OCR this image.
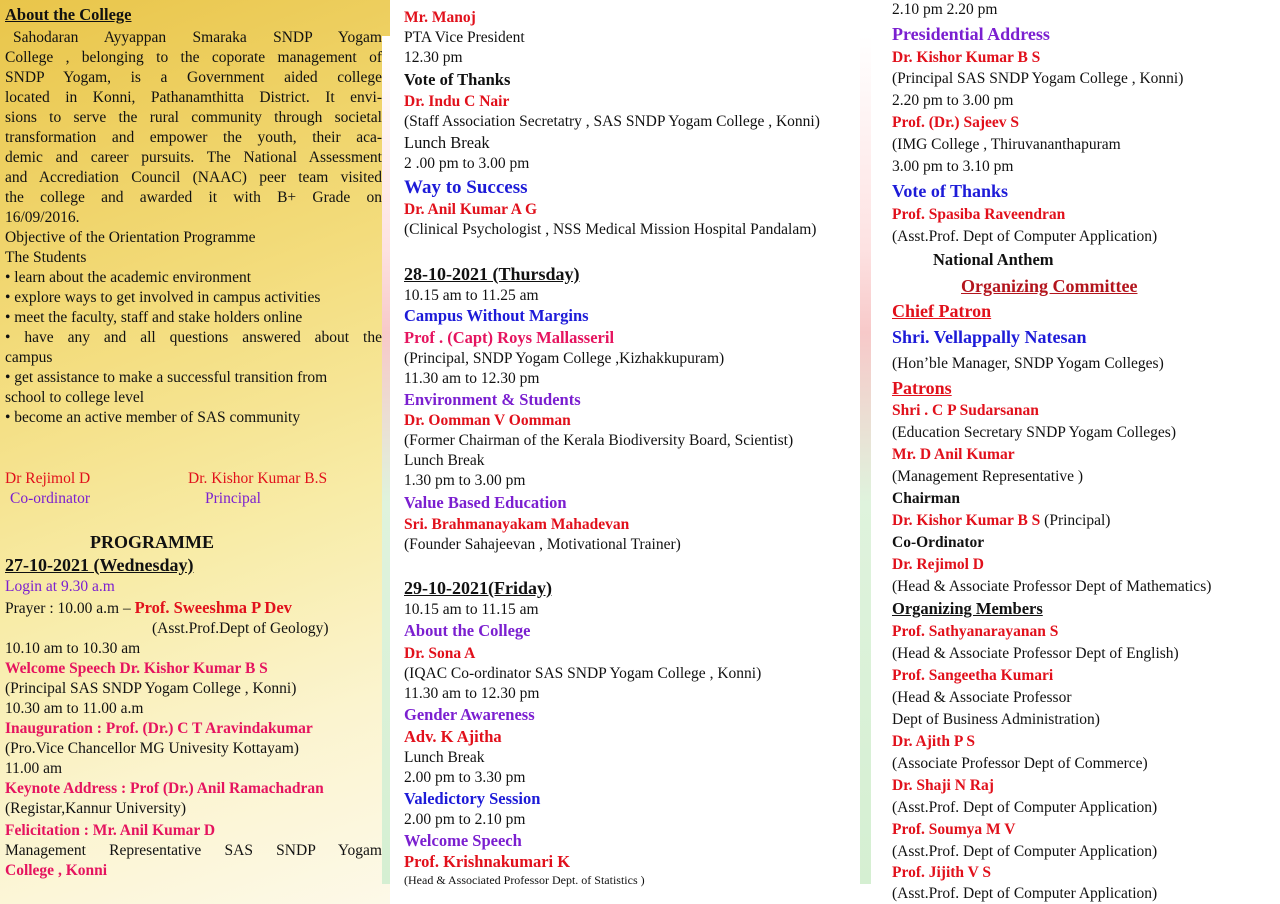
About the College
Sahodaran Ayyappan Smaraka SNDP Yogam
College , belonging to the coporate management of
SNDP Yogam, is a Government aided college
located in Konni, Pathanamthitta District. It envi-
sions to serve the rural community through societal
transformation and empower the youth, their aca-
demic and career pursuits. The National Assessment
and Accrediation Council (NAAC) peer team visited
the college and awarded it with B+ Grade on
16/09/2016.
Objective of the Orientation Programme
The Students
• learn about the academic environment
• explore ways to get involved in campus activities
• meet the faculty, staff and stake holders online
• have any and all questions answered about the
campus
• get assistance to make a successful transition from
school to college level
• become an active member of SAS community
Dr Rejimol D
Co-ordinator
Dr. Kishor Kumar B.S
Principal
PROGRAMME
27-10-2021 (Wednesday)
Login at 9.30 a.m
Prayer : 10.00 a.m – Prof. Sweeshma P Dev
(Asst.Prof.Dept of Geology)
10.10 am to 10.30 am
Welcome Speech Dr. Kishor Kumar B S
(Principal SAS SNDP Yogam College , Konni)
10.30 am to 11.00 a.m
Inauguration : Prof. (Dr.) C T Aravindakumar
(Pro.Vice Chancellor MG Univesity Kottayam)
11.00 am
Keynote Address : Prof (Dr.) Anil Ramachadran
(Registar,Kannur University)
Felicitation : Mr. Anil Kumar D
Management Representative SAS SNDP Yogam
College , Konni
Mr. Manoj
PTA Vice President
12.30 pm
Vote of Thanks
Dr. Indu C Nair
(Staff Association Secretatry , SAS SNDP Yogam College , Konni)
Lunch Break
2 .00 pm to 3.00 pm
Way to Success
Dr. Anil Kumar A G
(Clinical Psychologist , NSS Medical Mission Hospital Pandalam)
28-10-2021 (Thursday)
10.15 am to 11.25 am
Campus Without Margins
Prof . (Capt) Roys Mallasseril
(Principal, SNDP Yogam College ,Kizhakkupuram)
11.30 am to 12.30 pm
Environment & Students
Dr. Oomman V Oomman
(Former Chairman of the Kerala Biodiversity Board, Scientist)
Lunch Break
1.30 pm to 3.00 pm
Value Based Education
Sri. Brahmanayakam Mahadevan
(Founder Sahajeevan , Motivational Trainer)
29-10-2021(Friday)
10.15 am to 11.15 am
About the College
Dr. Sona A
(IQAC Co-ordinator SAS SNDP Yogam College , Konni)
11.30 am to 12.30 pm
Gender Awareness
Adv. K Ajitha
Lunch Break
2.00 pm to 3.30 pm
Valedictory Session
2.00 pm to 2.10 pm
Welcome Speech
Prof. Krishnakumari K
(Head & Associated Professor Dept. of Statistics )
2.10 pm 2.20 pm
Presidential Address
Dr. Kishor Kumar B S
(Principal SAS SNDP Yogam College , Konni)
2.20 pm to 3.00 pm
Prof. (Dr.) Sajeev S
(IMG College , Thiruvananthapuram
3.00 pm to 3.10 pm
Vote of Thanks
Prof. Spasiba Raveendran
(Asst.Prof. Dept of Computer Application)
National Anthem
Organizing Committee
Chief Patron
Shri. Vellappally Natesan
(Hon’ble Manager, SNDP Yogam Colleges)
Patrons
Shri . C P Sudarsanan
(Education Secretary SNDP Yogam Colleges)
Mr. D Anil Kumar
(Management Representative )
Chairman
Dr. Kishor Kumar B S (Principal)
Co-Ordinator
Dr. Rejimol D
(Head & Associate Professor Dept of Mathematics)
Organizing Members
Prof. Sathyanarayanan S
(Head & Associate Professor Dept of English)
Prof. Sangeetha Kumari
(Head & Associate Professor
Dept of Business Administration)
Dr. Ajith P S
(Associate Professor Dept of Commerce)
Dr. Shaji N Raj
(Asst.Prof. Dept of Computer Application)
Prof. Soumya M V
(Asst.Prof. Dept of Computer Application)
Prof. Jijith V S
(Asst.Prof. Dept of Computer Application)
